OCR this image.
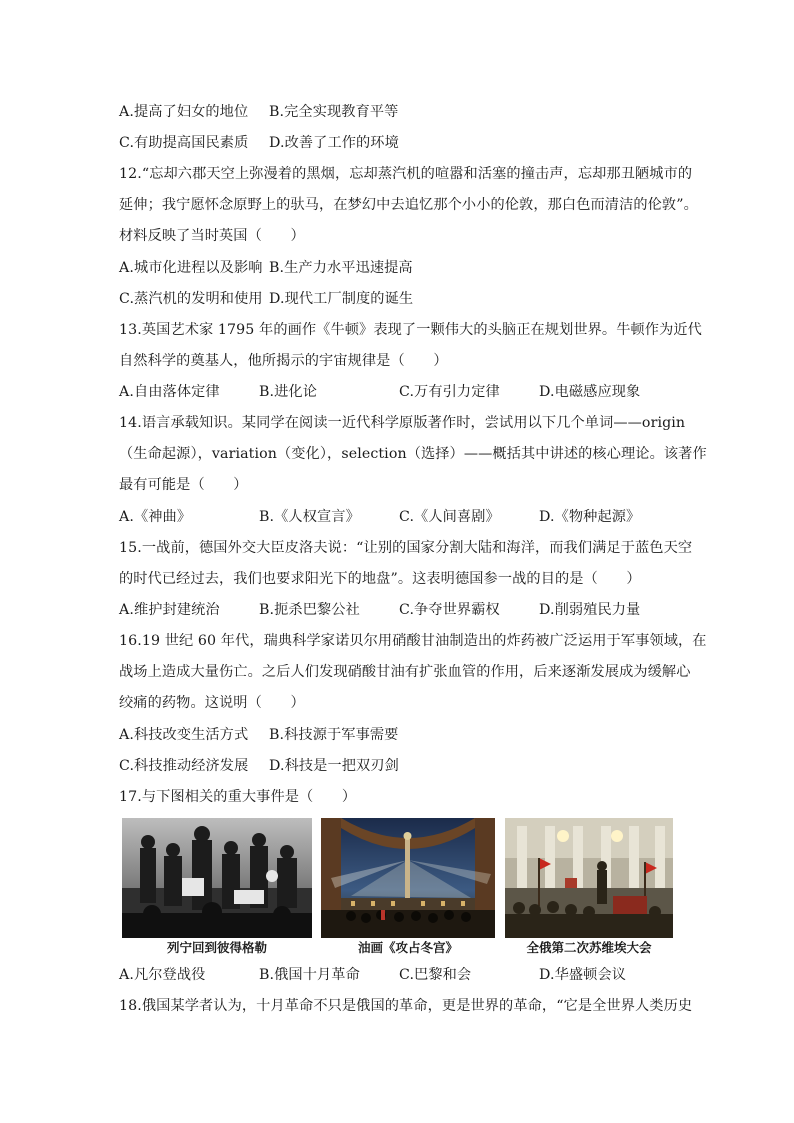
A.提高了妇女的地位	B.完全实现教育平等
C.有助提高国民素质	D.改善了工作的环境
12.“忘却六郡天空上弥漫着的黑烟，忘却蒸汽机的喧嚣和活塞的撞击声，忘却那丑陋城市的
延伸；我宁愿怀念原野上的驮马，在梦幻中去追忆那个小小的伦敦，那白色而清洁的伦敦”。
材料反映了当时英国（　　）
A.城市化进程以及影响 B.生产力水平迅速提高
C.蒸汽机的发明和使用 D.现代工厂制度的诞生
13.英国艺术家 1795 年的画作《牛顿》表现了一颗伟大的头脑正在规划世界。牛顿作为近代
自然科学的奠基人，他所揭示的宇宙规律是（　　）
A.自由落体定律	B.进化论	C.万有引力定律	D.电磁感应现象
14.语言承载知识。某同学在阅读一近代科学原版著作时，尝试用以下几个单词——origin
（生命起源），variation（变化），selection（选择）——概括其中讲述的核心理论。该著作
最有可能是（　　）
A.《神曲》	B.《人权宣言》	C.《人间喜剧》	D.《物种起源》
15.一战前，德国外交大臣皮洛夫说：“让别的国家分割大陆和海洋，而我们满足于蓝色天空
的时代已经过去，我们也要求阳光下的地盘”。这表明德国参一战的目的是（　　）
A.维护封建统治	B.扼杀巴黎公社	C.争夺世界霸权	D.削弱殖民力量
16.19 世纪 60 年代，瑞典科学家诺贝尔用硝酸甘油制造出的炸药被广泛运用于军事领域，在
战场上造成大量伤亡。之后人们发现硝酸甘油有扩张血管的作用，后来逐渐发展成为缓解心
绞痛的药物。这说明（　　）
A.科技改变生活方式	B.科技源于军事需要
C.科技推动经济发展	D.科技是一把双刃剑
17.与下图相关的重大事件是（　　）
列宁回到彼得格勒	油画《攻占冬宫》	全俄第二次苏维埃大会
A.凡尔登战役	B.俄国十月革命	C.巴黎和会	D.华盛顿会议
18.俄国某学者认为，十月革命不只是俄国的革命，更是世界的革命，“它是全世界人类历史
